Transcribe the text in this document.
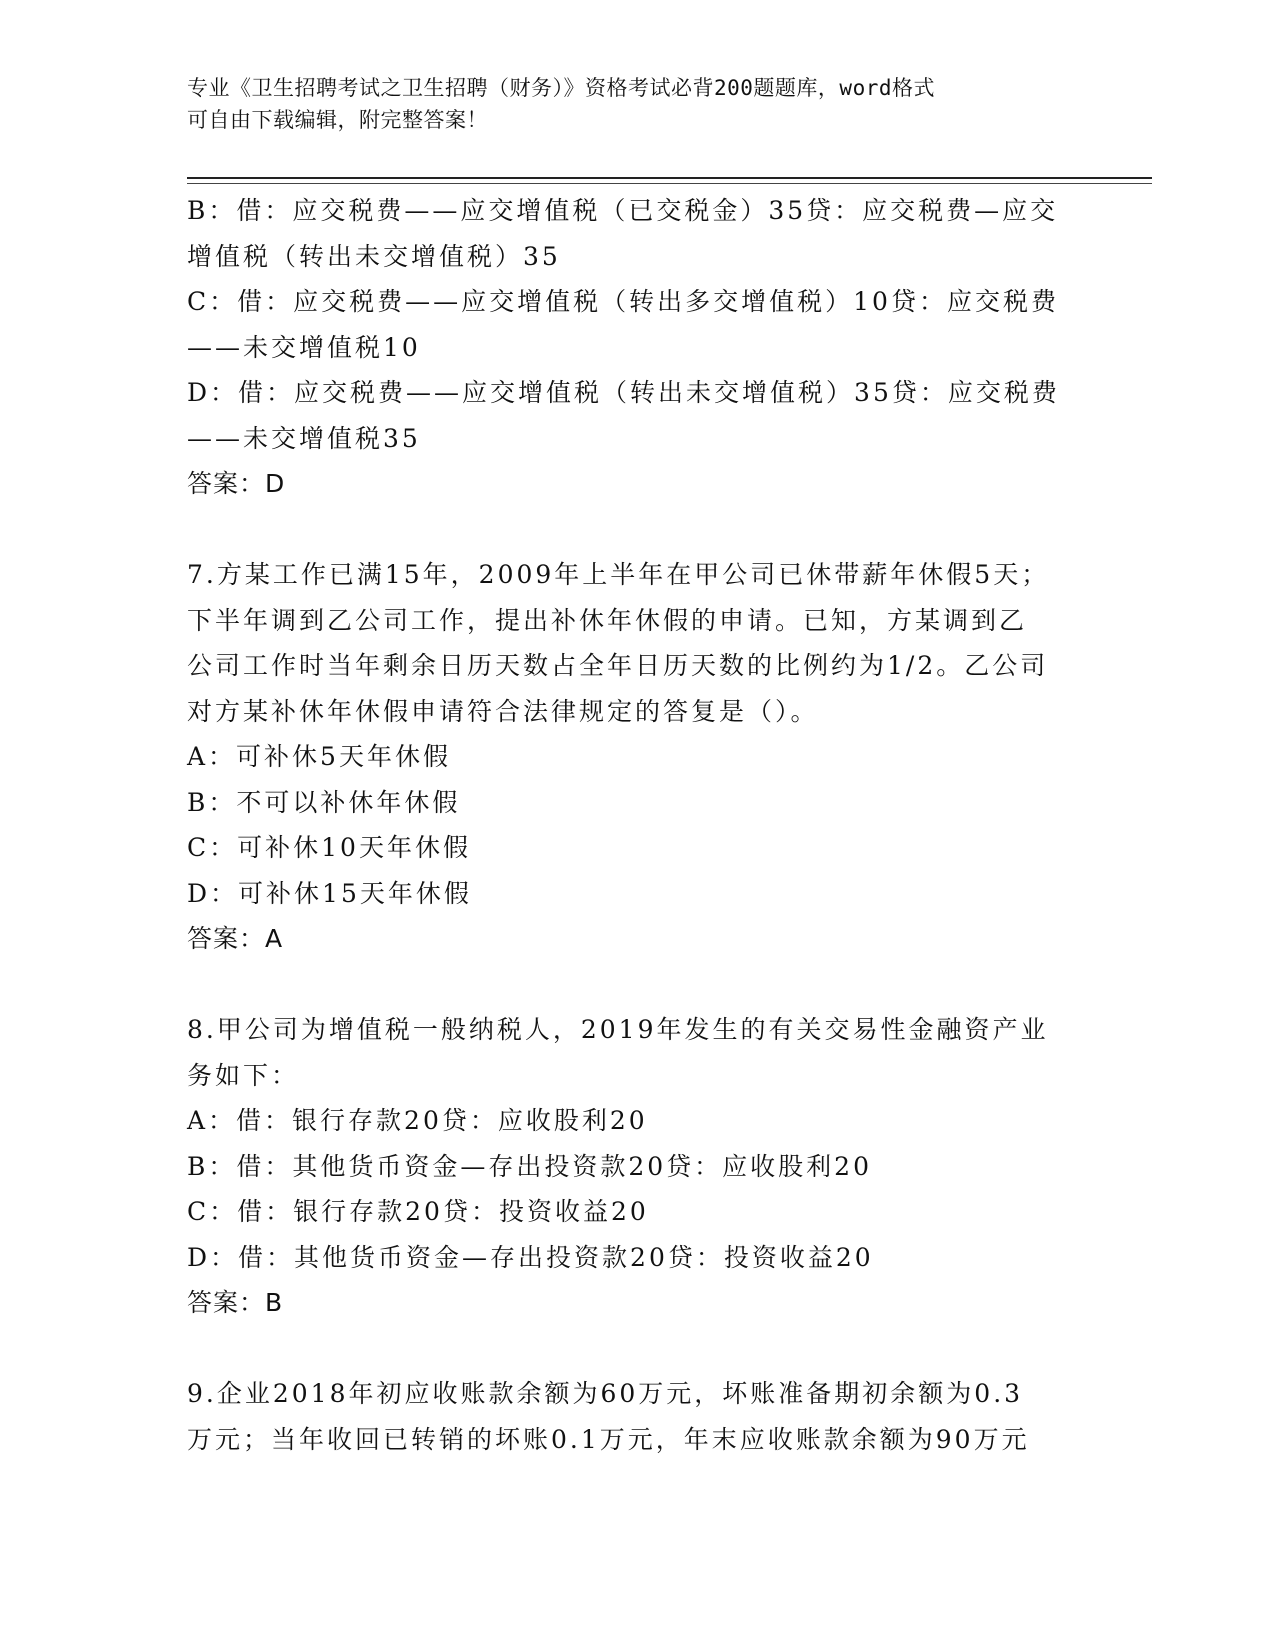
专业《卫生招聘考试之卫生招聘（财务）》资格考试必背200题题库，word格式
可自由下载编辑，附完整答案！

B：借：应交税费——应交增值税（已交税金）35贷：应交税费—应交

增值税（转出未交增值税）35

C：借：应交税费——应交增值税（转出多交增值税）10贷：应交税费

——未交增值税10

D：借：应交税费——应交增值税（转出未交增值税）35贷：应交税费

——未交增值税35

答案：D

7.方某工作已满15年，2009年上半年在甲公司已休带薪年休假5天；

下半年调到乙公司工作，提出补休年休假的申请。已知，方某调到乙

公司工作时当年剩余日历天数占全年日历天数的比例约为1/2。乙公司

对方某补休年休假申请符合法律规定的答复是（）。

A：可补休5天年休假

B：不可以补休年休假

C：可补休10天年休假

D：可补休15天年休假

答案：A

8.甲公司为增值税一般纳税人，2019年发生的有关交易性金融资产业

务如下：

A：借：银行存款20贷：应收股利20

B：借：其他货币资金—存出投资款20贷：应收股利20

C：借：银行存款20贷：投资收益20

D：借：其他货币资金—存出投资款20贷：投资收益20

答案：B

9.企业2018年初应收账款余额为60万元，坏账准备期初余额为0.3

万元；当年收回已转销的坏账0.1万元，年末应收账款余额为90万元
